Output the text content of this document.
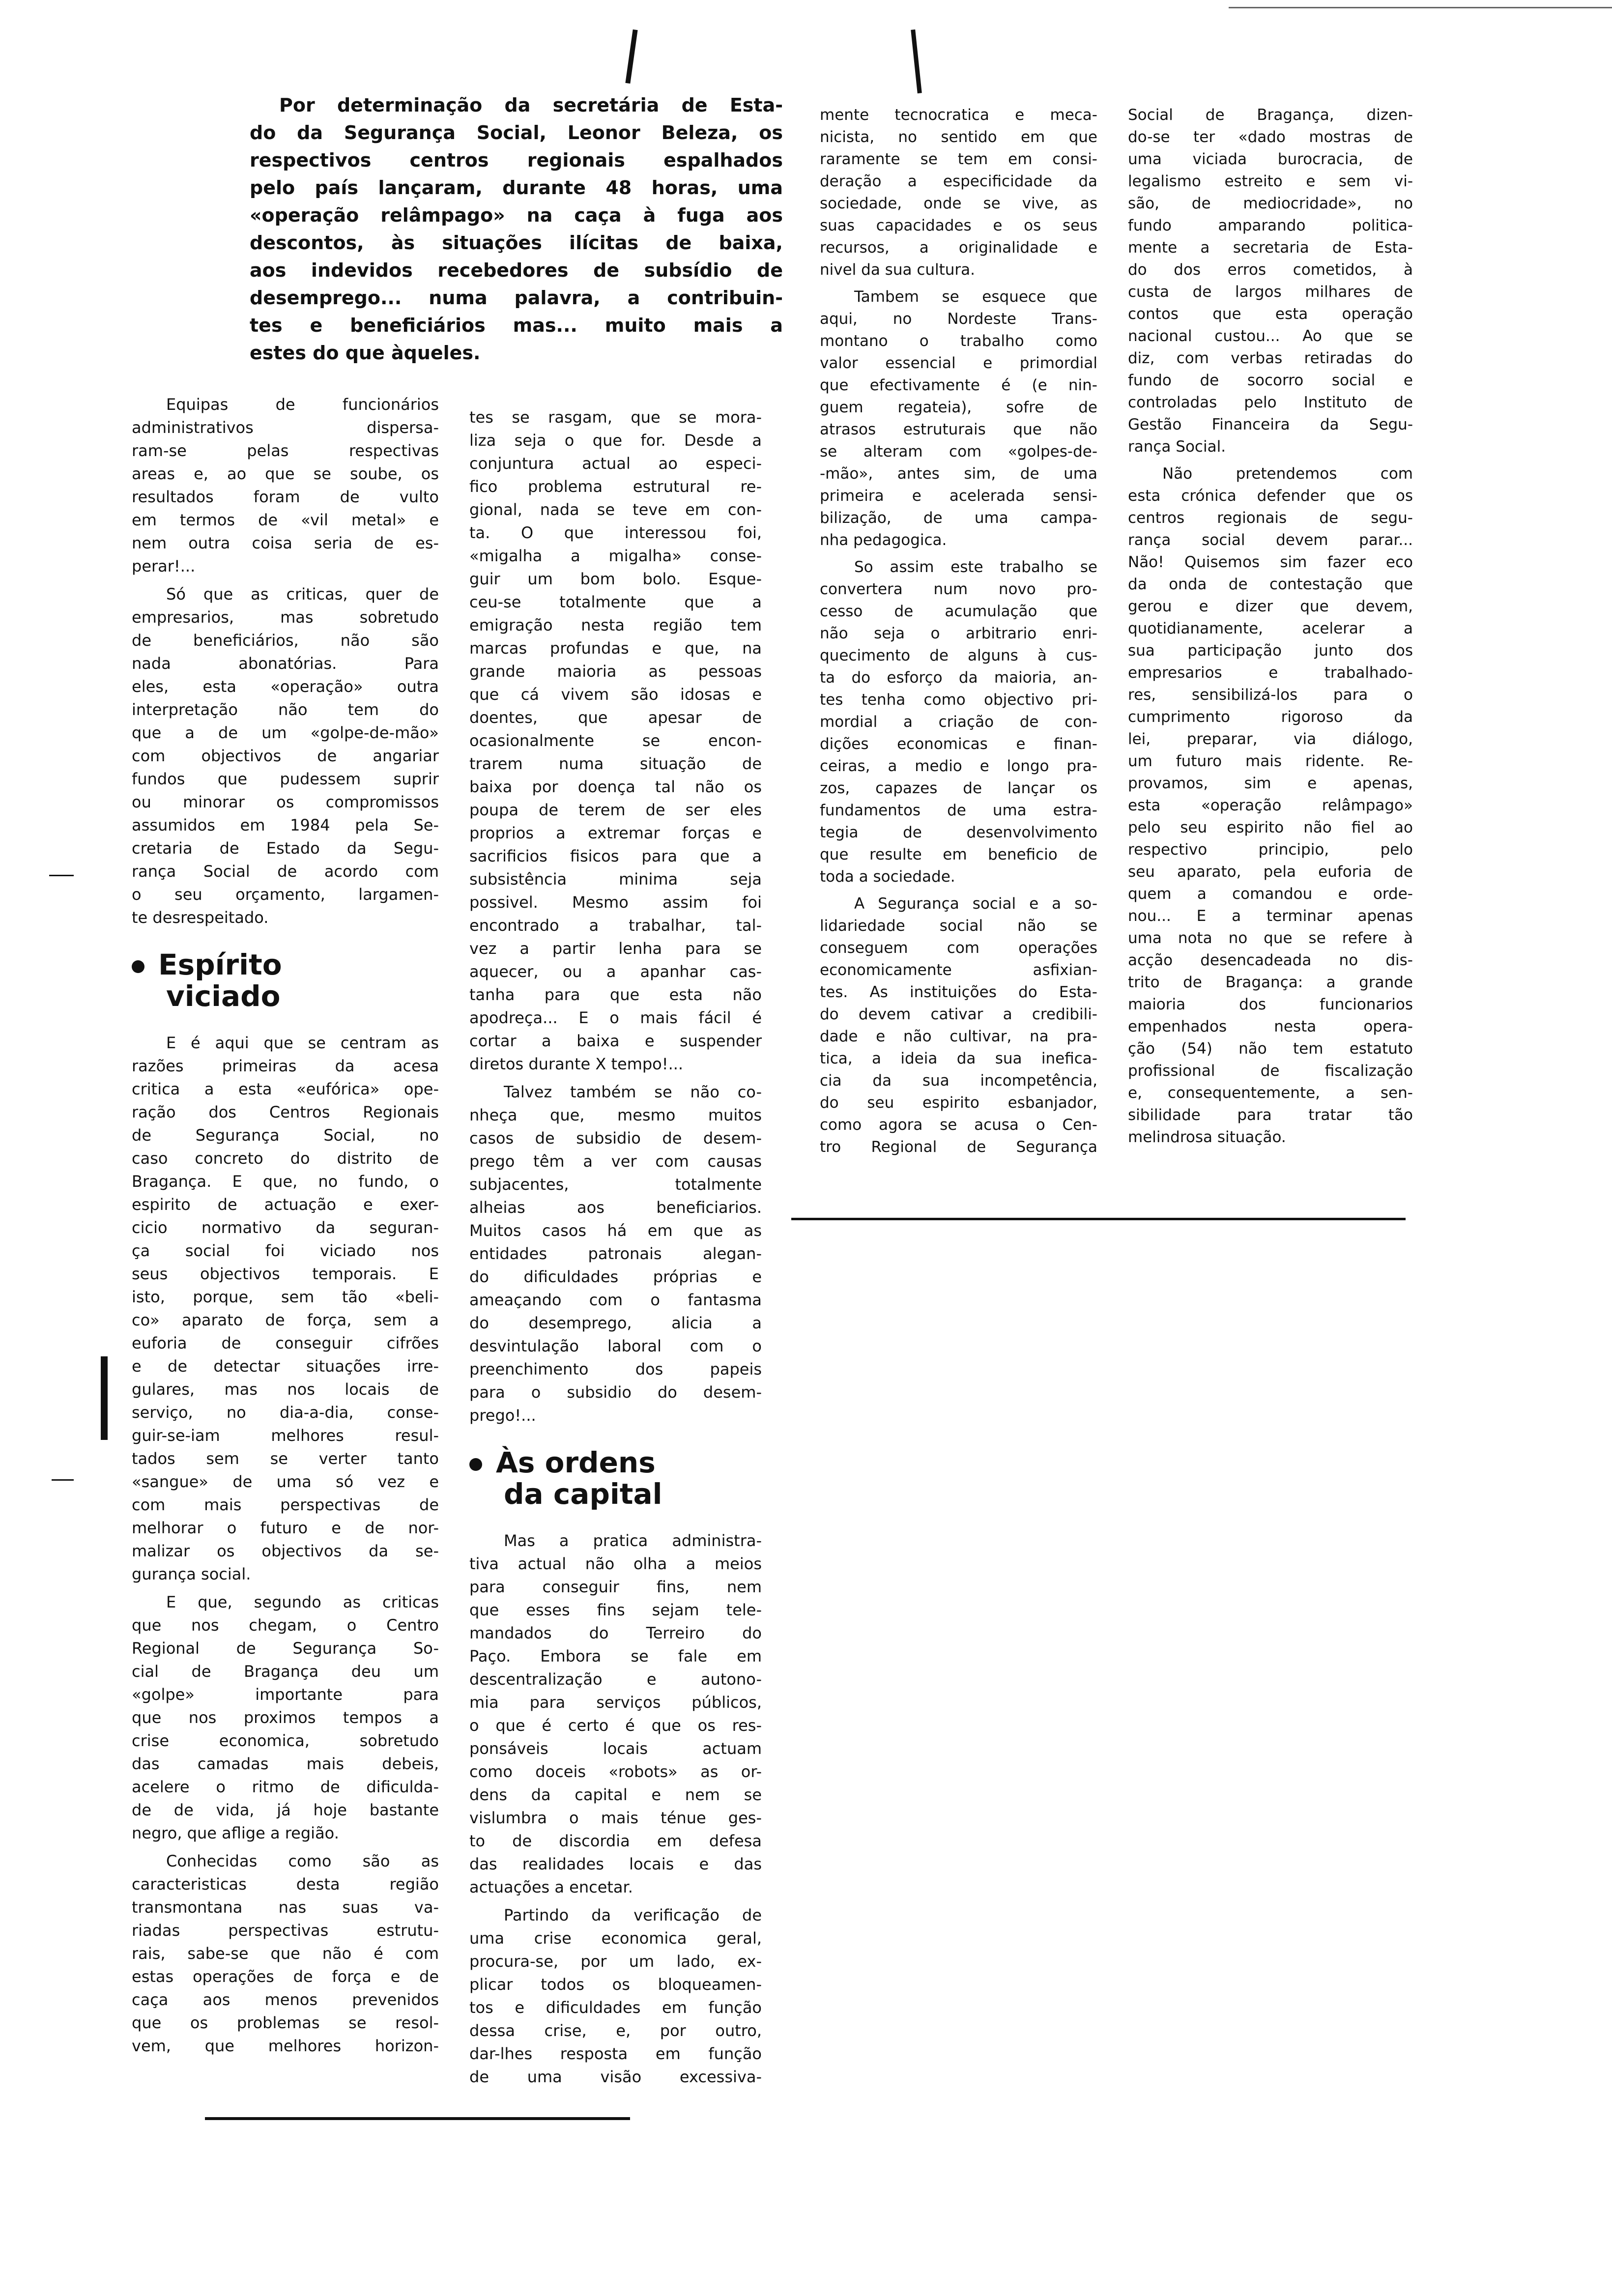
Por determinação da secretária de Esta-
do da Segurança Social, Leonor Beleza, os
respectivos centros regionais espalhados
pelo país lançaram, durante 48 horas, uma
«operação relâmpago» na caça à fuga aos
descontos, às situações ilícitas de baixa,
aos indevidos recebedores de subsídio de
desemprego... numa palavra, a contribuin-
tes e beneficiários mas... muito mais a
estes do que àqueles.
Equipas de funcionários
administrativos dispersa-
ram-se pelas respectivas
areas e, ao que se soube, os
resultados foram de vulto
em termos de «vil metal» e
nem outra coisa seria de es-
perar!...
Só que as criticas, quer de
empresarios, mas sobretudo
de beneficiários, não são
nada abonatórias. Para
eles, esta «operação» outra
interpretação não tem do
que a de um «golpe-de-mão»
com objectivos de angariar
fundos que pudessem suprir
ou minorar os compromissos
assumidos em 1984 pela Se-
cretaria de Estado da Segu-
rança Social de acordo com
o seu orçamento, largamen-
te desrespeitado.
Espírito
viciado
E é aqui que se centram as
razões primeiras da acesa
critica a esta «eufórica» ope-
ração dos Centros Regionais
de Segurança Social, no
caso concreto do distrito de
Bragança. E que, no fundo, o
espirito de actuação e exer-
cicio normativo da seguran-
ça social foi viciado nos
seus objectivos temporais. E
isto, porque, sem tão «beli-
co» aparato de força, sem a
euforia de conseguir cifrões
e de detectar situações irre-
gulares, mas nos locais de
serviço, no dia-a-dia, conse-
guir-se-iam melhores resul-
tados sem se verter tanto
«sangue» de uma só vez e
com mais perspectivas de
melhorar o futuro e de nor-
malizar os objectivos da se-
gurança social.
E que, segundo as criticas
que nos chegam, o Centro
Regional de Segurança So-
cial de Bragança deu um
«golpe» importante para
que nos proximos tempos a
crise economica, sobretudo
das camadas mais debeis,
acelere o ritmo de dificulda-
de de vida, já hoje bastante
negro, que aflige a região.
Conhecidas como são as
caracteristicas desta região
transmontana nas suas va-
riadas perspectivas estrutu-
rais, sabe-se que não é com
estas operações de força e de
caça aos menos prevenidos
que os problemas se resol-
vem, que melhores horizon-
tes se rasgam, que se mora-
liza seja o que for. Desde a
conjuntura actual ao especi-
fico problema estrutural re-
gional, nada se teve em con-
ta. O que interessou foi,
«migalha a migalha» conse-
guir um bom bolo. Esque-
ceu-se totalmente que a
emigração nesta região tem
marcas profundas e que, na
grande maioria as pessoas
que cá vivem são idosas e
doentes, que apesar de
ocasionalmente se encon-
trarem numa situação de
baixa por doença tal não os
poupa de terem de ser eles
proprios a extremar forças e
sacrificios fisicos para que a
subsistência minima seja
possivel. Mesmo assim foi
encontrado a trabalhar, tal-
vez a partir lenha para se
aquecer, ou a apanhar cas-
tanha para que esta não
apodreça... E o mais fácil é
cortar a baixa e suspender
diretos durante X tempo!...
Talvez também se não co-
nheça que, mesmo muitos
casos de subsidio de desem-
prego têm a ver com causas
subjacentes, totalmente
alheias aos beneficiarios.
Muitos casos há em que as
entidades patronais alegan-
do dificuldades próprias e
ameaçando com o fantasma
do desemprego, alicia a
desvintulação laboral com o
preenchimento dos papeis
para o subsidio do desem-
prego!...
Às ordens
da capital
Mas a pratica administra-
tiva actual não olha a meios
para conseguir fins, nem
que esses fins sejam tele-
mandados do Terreiro do
Paço. Embora se fale em
descentralização e autono-
mia para serviços públicos,
o que é certo é que os res-
ponsáveis locais actuam
como doceis «robots» as or-
dens da capital e nem se
vislumbra o mais ténue ges-
to de discordia em defesa
das realidades locais e das
actuações a encetar.
Partindo da verificação de
uma crise economica geral,
procura-se, por um lado, ex-
plicar todos os bloqueamen-
tos e dificuldades em função
dessa crise, e, por outro,
dar-lhes resposta em função
de uma visão excessiva-
mente tecnocratica e meca-
nicista, no sentido em que
raramente se tem em consi-
deração a especificidade da
sociedade, onde se vive, as
suas capacidades e os seus
recursos, a originalidade e
nivel da sua cultura.
Tambem se esquece que
aqui, no Nordeste Trans-
montano o trabalho como
valor essencial e primordial
que efectivamente é (e nin-
guem regateia), sofre de
atrasos estruturais que não
se alteram com «golpes-de-
-mão», antes sim, de uma
primeira e acelerada sensi-
bilização, de uma campa-
nha pedagogica.
So assim este trabalho se
convertera num novo pro-
cesso de acumulação que
não seja o arbitrario enri-
quecimento de alguns à cus-
ta do esforço da maioria, an-
tes tenha como objectivo pri-
mordial a criação de con-
dições economicas e finan-
ceiras, a medio e longo pra-
zos, capazes de lançar os
fundamentos de uma estra-
tegia de desenvolvimento
que resulte em beneficio de
toda a sociedade.
A Segurança social e a so-
lidariedade social não se
conseguem com operações
economicamente asfixian-
tes. As instituições do Esta-
do devem cativar a credibili-
dade e não cultivar, na pra-
tica, a ideia da sua inefica-
cia da sua incompetência,
do seu espirito esbanjador,
como agora se acusa o Cen-
tro Regional de Segurança
Social de Bragança, dizen-
do-se ter «dado mostras de
uma viciada burocracia, de
legalismo estreito e sem vi-
são, de mediocridade», no
fundo amparando politica-
mente a secretaria de Esta-
do dos erros cometidos, à
custa de largos milhares de
contos que esta operação
nacional custou... Ao que se
diz, com verbas retiradas do
fundo de socorro social e
controladas pelo Instituto de
Gestão Financeira da Segu-
rança Social.
Não pretendemos com
esta crónica defender que os
centros regionais de segu-
rança social devem parar...
Não! Quisemos sim fazer eco
da onda de contestação que
gerou e dizer que devem,
quotidianamente, acelerar a
sua participação junto dos
empresarios e trabalhado-
res, sensibilizá-los para o
cumprimento rigoroso da
lei, preparar, via diálogo,
um futuro mais ridente. Re-
provamos, sim e apenas,
esta «operação relâmpago»
pelo seu espirito não fiel ao
respectivo principio, pelo
seu aparato, pela euforia de
quem a comandou e orde-
nou... E a terminar apenas
uma nota no que se refere à
acção desencadeada no dis-
trito de Bragança: a grande
maioria dos funcionarios
empenhados nesta opera-
ção (54) não tem estatuto
profissional de fiscalização
e, consequentemente, a sen-
sibilidade para tratar tão
melindrosa situação.
